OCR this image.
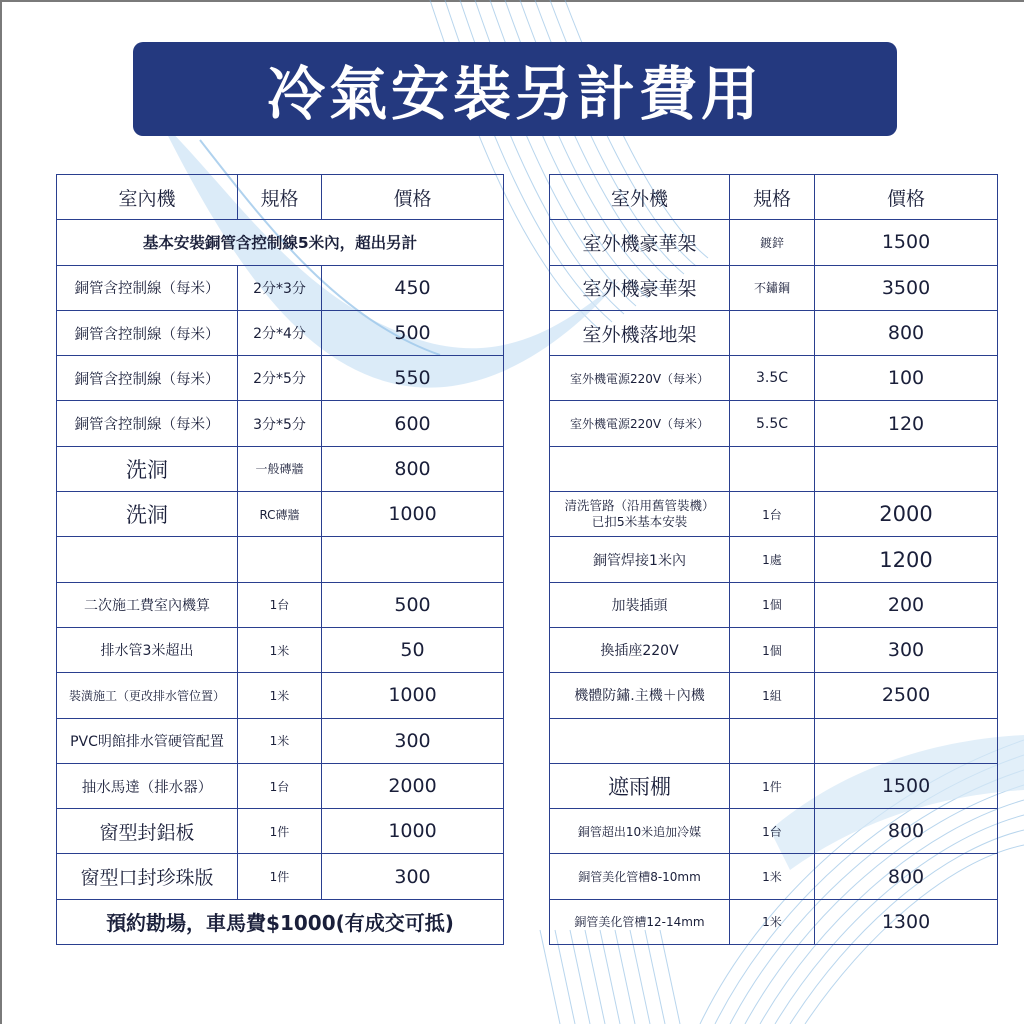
冷氣安裝另計費用
室內機	規格	價格
基本安裝銅管含控制線5米內，超出另計		
銅管含控制線（每米）	2分*3分	450
銅管含控制線（每米）	2分*4分	500
銅管含控制線（每米）	2分*5分	550
銅管含控制線（每米）	3分*5分	600
洗洞	一般磚牆	800
洗洞	RC磚牆	1000

二次施工費室內機算	1台	500
排水管3米超出	1米	50
裝潢施工（更改排水管位置）	1米	1000
PVC明館排水管硬管配置	1米	300
抽水馬達（排水器）	1台	2000
窗型封鋁板	1件	1000
窗型口封珍珠版	1件	300
預約勘場，車馬費$1000(有成交可抵)		
室外機	規格	價格
室外機豪華架	鍍鋅	1500
室外機豪華架	不鏽鋼	3500
室外機落地架		800
室外機電源220V（每米）	3.5C	100
室外機電源220V（每米）	5.5C	120

清洗管路（沿用舊管裝機）
已扣5米基本安裝	1台	2000
銅管焊接1米內	1處	1200
加裝插頭	1個	200
換插座220V	1個	300
機體防鏽.主機＋內機	1組	2500

遮雨棚	1件	1500
銅管超出10米追加冷媒	1台	800
銅管美化管槽8-10mm	1米	800
銅管美化管槽12-14mm	1米	1300
